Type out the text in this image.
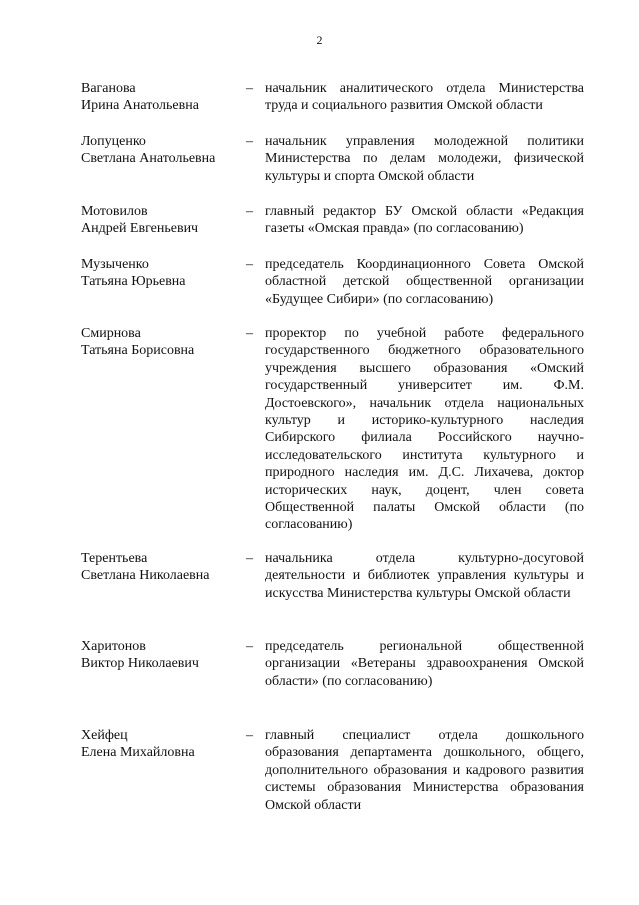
2
Ваганова
Ирина Анатольевна
– начальник аналитического отдела Министерства труда и социального развития Омской области
Лопуценко
Светлана Анатольевна
– начальник управления молодежной политики Министерства по делам молодежи, физической культуры и спорта Омской области
Мотовилов
Андрей Евгеньевич
– главный редактор БУ Омской области «Редакция газеты «Омская правда» (по согласованию)
Музыченко
Татьяна Юрьевна
– председатель Координационного Совета Омской областной детской общественной организации «Будущее Сибири» (по согласованию)
Смирнова
Татьяна Борисовна
– проректор по учебной работе федерального государственного бюджетного образовательного учреждения высшего образования «Омский государственный университет им. Ф.М. Достоевского», начальник отдела национальных культур и историко-культурного наследия Сибирского филиала Российского научно-исследовательского института культурного и природного наследия им. Д.С. Лихачева, доктор исторических наук, доцент, член совета Общественной палаты Омской области (по согласованию)
Терентьева
Светлана Николаевна
– начальника отдела культурно-досуговой деятельности и библиотек управления культуры и искусства Министерства культуры Омской области
Харитонов
Виктор Николаевич
– председатель региональной общественной организации «Ветераны здравоохранения Омской области» (по согласованию)
Хейфец
Елена Михайловна
– главный специалист отдела дошкольного образования департамента дошкольного, общего, дополнительного образования и кадрового развития системы образования Министерства образования Омской области
